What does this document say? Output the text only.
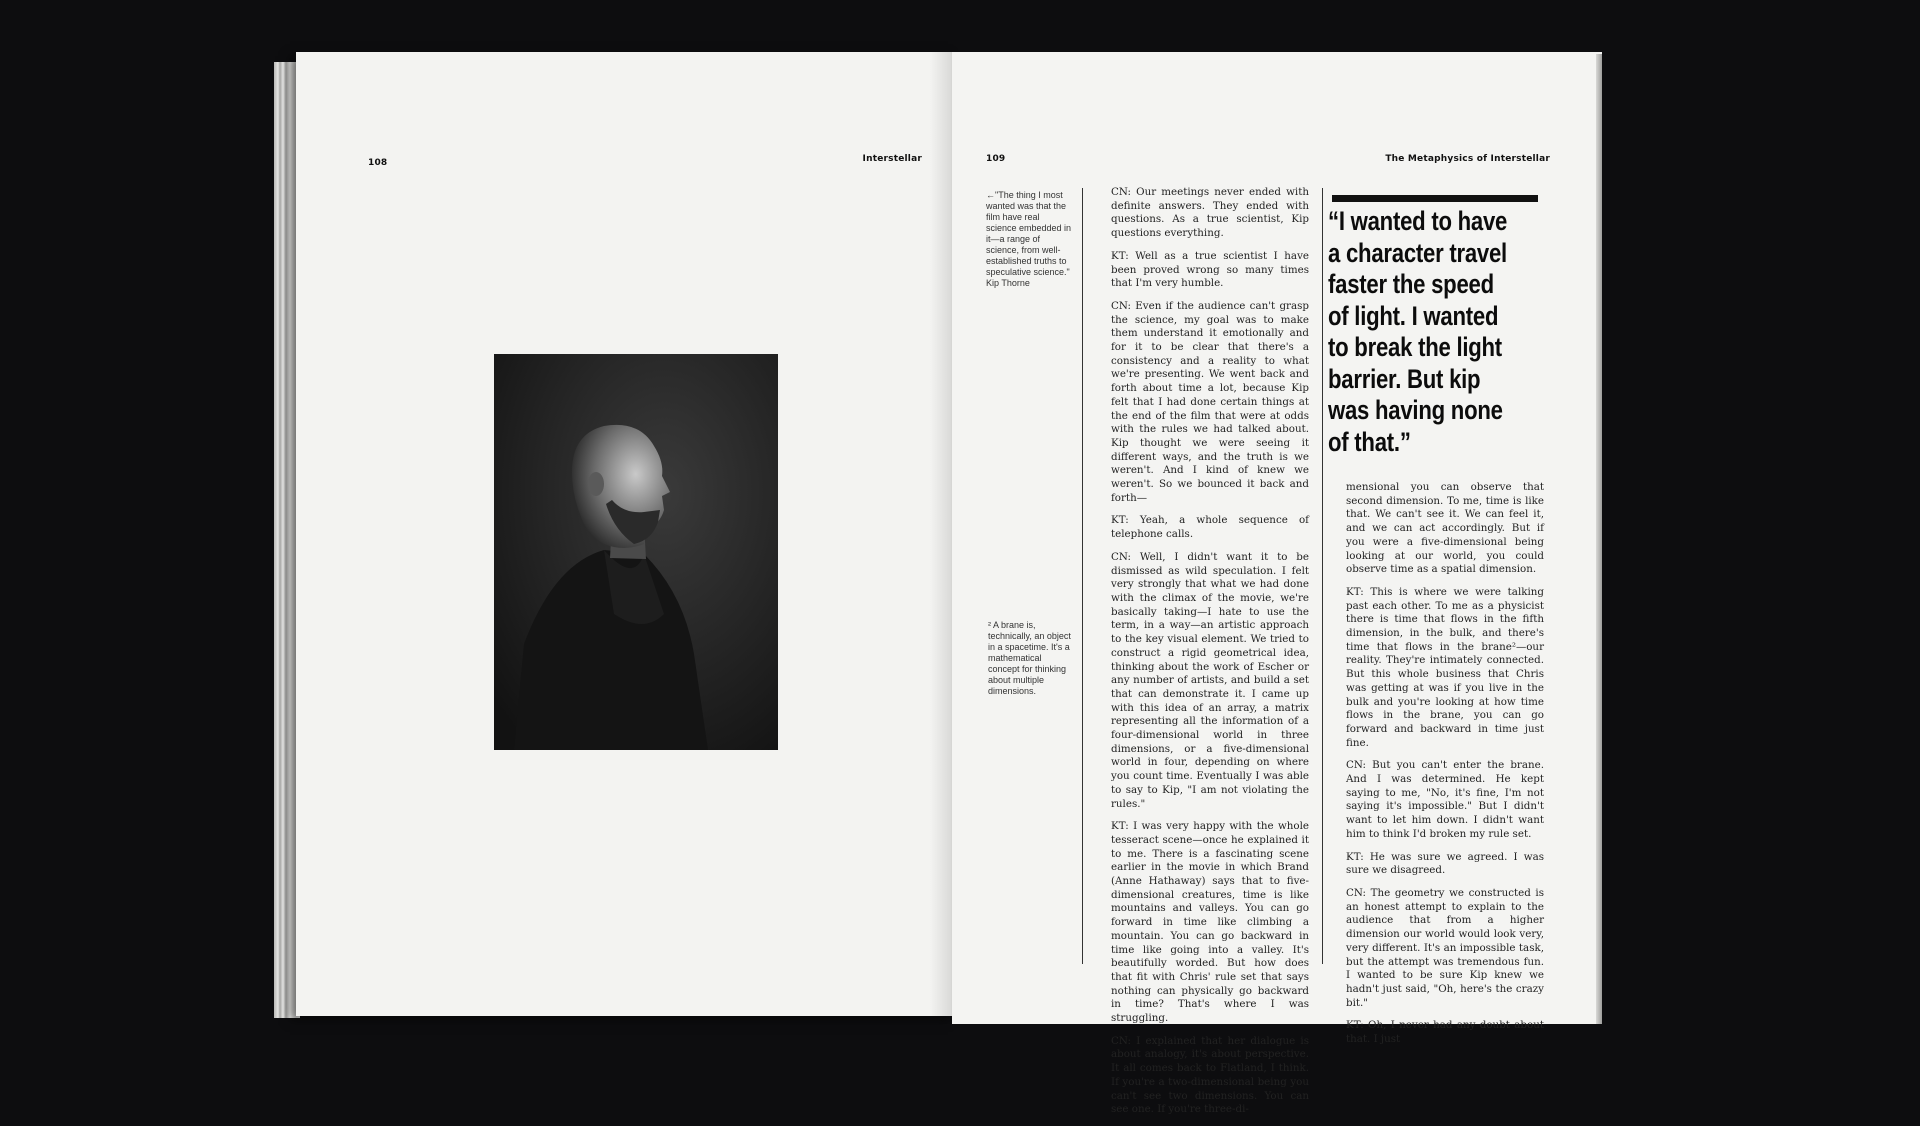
108	Interstellar	109	The Metaphysics of Interstellar
←"The thing I most wanted was that the film have real science embedded in it—a range of science, from well-established truths to speculative science."
Kip Thorne
² A brane is, technically, an object in a spacetime. It's a mathematical concept for thinking about multiple dimensions.

CN: Our meetings never ended with definite answers. They ended with questions. As a true scientist, Kip questions everything.

KT: Well as a true scientist I have been proved wrong so many times that I'm very humble.

CN: Even if the audience can't grasp the science, my goal was to make them understand it emotionally and for it to be clear that there's a consistency and a reality to what we're presenting. We went back and forth about time a lot, because Kip felt that I had done certain things at the end of the film that were at odds with the rules we had talked about. Kip thought we were seeing it different ways, and the truth is we weren't. And I kind of knew we weren't. So we bounced it back and forth—

KT: Yeah, a whole sequence of telephone calls.

CN: Well, I didn't want it to be dismissed as wild speculation. I felt very strongly that what we had done with the climax of the movie, we're basically taking—I hate to use the term, in a way—an artistic approach to the key visual element. We tried to construct a rigid geometrical idea, thinking about the work of Escher or any number of artists, and build a set that can demonstrate it. I came up with this idea of an array, a matrix representing all the information of a four-dimensional world in three dimensions, or a five-dimensional world in four, depending on where you count time. Eventually I was able to say to Kip, "I am not violating the rules."

KT: I was very happy with the whole tesseract scene—once he explained it to me. There is a fascinating scene earlier in the movie in which Brand (Anne Hathaway) says that to five-dimensional creatures, time is like mountains and valleys. You can go forward in time like climbing a mountain. You can go backward in time like going into a valley. It's beautifully worded. But how does that fit with Chris' rule set that says nothing can physically go backward in time? That's where I was struggling.

CN: I explained that her dialogue is about analogy, it's about perspective. It all comes back to Flatland, I think. If you're a two-dimensional being you can't see two dimensions. You can see one. If you're three-di-

“I wanted to have a character travel faster the speed of light. I wanted to break the light barrier. But kip was having none of that.”

mensional you can observe that second dimension. To me, time is like that. We can't see it. We can feel it, and we can act accordingly. But if you were a five-dimensional being looking at our world, you could observe time as a spatial dimension.

KT: This is where we were talking past each other. To me as a physicist there is time that flows in the fifth dimension, in the bulk, and there's time that flows in the brane²—our reality. They're intimately connected. But this whole business that Chris was getting at was if you live in the bulk and you're looking at how time flows in the brane, you can go forward and backward in time just fine.

CN: But you can't enter the brane. And I was determined. He kept saying to me, "No, it's fine, I'm not saying it's impossible." But I didn't want to let him down. I didn't want him to think I'd broken my rule set.

KT: He was sure we agreed. I was sure we disagreed.

CN: The geometry we constructed is an honest attempt to explain to the audience that from a higher dimension our world would look very, very different. It's an impossible task, but the attempt was tremendous fun. I wanted to be sure Kip knew we hadn't just said, "Oh, here's the crazy bit."

KT: Oh, I never had any doubt about that. I just
